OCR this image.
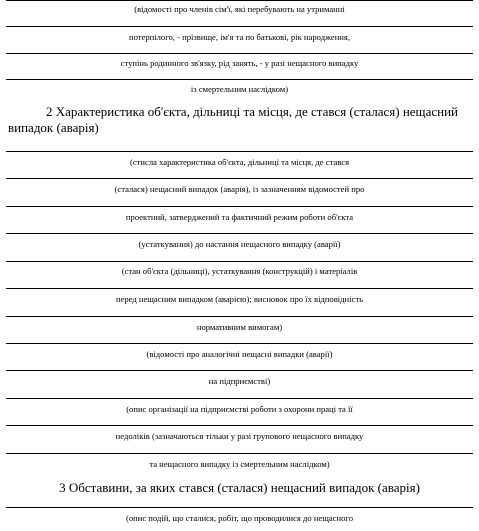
(відомості про членів сім'ї, які перебувають на утриманні
потерпілого, - прізвище, ім'я та по батькові, рік народження,
ступінь родинного зв'язку, рід занять, - у разі нещасного випадку
із смертельним наслідком)
2 Характеристика об'єкта, дільниці та місця, де стався (сталася) нещасний випадок (аварія)
(стисла характеристика об'єкта, дільниці та місця, де стався
(сталася) нещасний випадок (аварія), із зазначенням відомостей про
проектний, затверджений та фактичний режим роботи об'єкта
(устаткування) до настання нещасного випадку (аварії)
(стан об'єкта (дільниці), устаткування (конструкцій) і матеріалів
перед нещасним випадком (аварією); висновок про їх відповідність
нормативним вимогам)
(відомості про аналогічні нещасні випадки (аварії)
на підприємстві)
(опис організації на підприємстві роботи з охорони праці та її
недоліків (зазначаються тільки у разі групового нещасного випадку
та нещасного випадку із смертельним наслідком)
3 Обставини, за яких стався (сталася) нещасний випадок (аварія)
(опис подій, що сталися, робіт, що проводилися до нещасного
